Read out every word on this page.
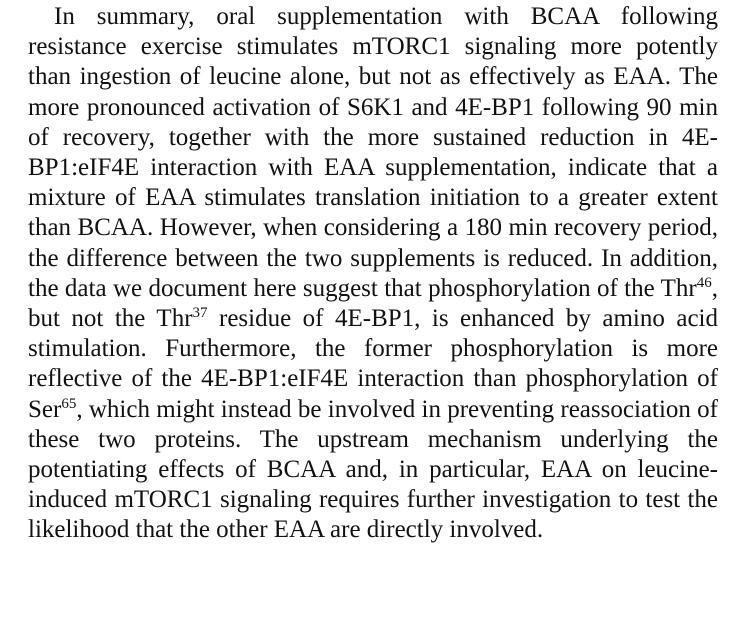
In summary, oral supplementation with BCAA following resistance exercise stimulates mTORC1 signaling more potently than ingestion of leucine alone, but not as effectively as EAA. The more pronounced activation of S6K1 and 4E-BP1 following 90 min of recovery, together with the more sustained reduction in 4E-BP1:eIF4E interaction with EAA supplementation, indicate that a mixture of EAA stimulates translation initiation to a greater extent than BCAA. However, when considering a 180 min recovery period, the difference between the two supplements is reduced. In addition, the data we document here suggest that phosphorylation of the Thr$^{46}$, but not the Thr$^{37}$ residue of 4E-BP1, is enhanced by amino acid stimulation. Furthermore, the former phosphorylation is more reflective of the 4E-BP1:eIF4E interaction than phosphorylation of Ser$^{65}$, which might instead be involved in preventing reassociation of these two proteins. The upstream mechanism underlying the potentiating effects of BCAA and, in particular, EAA on leucine-induced mTORC1 signaling requires further investigation to test the likelihood that the other EAA are directly involved.
